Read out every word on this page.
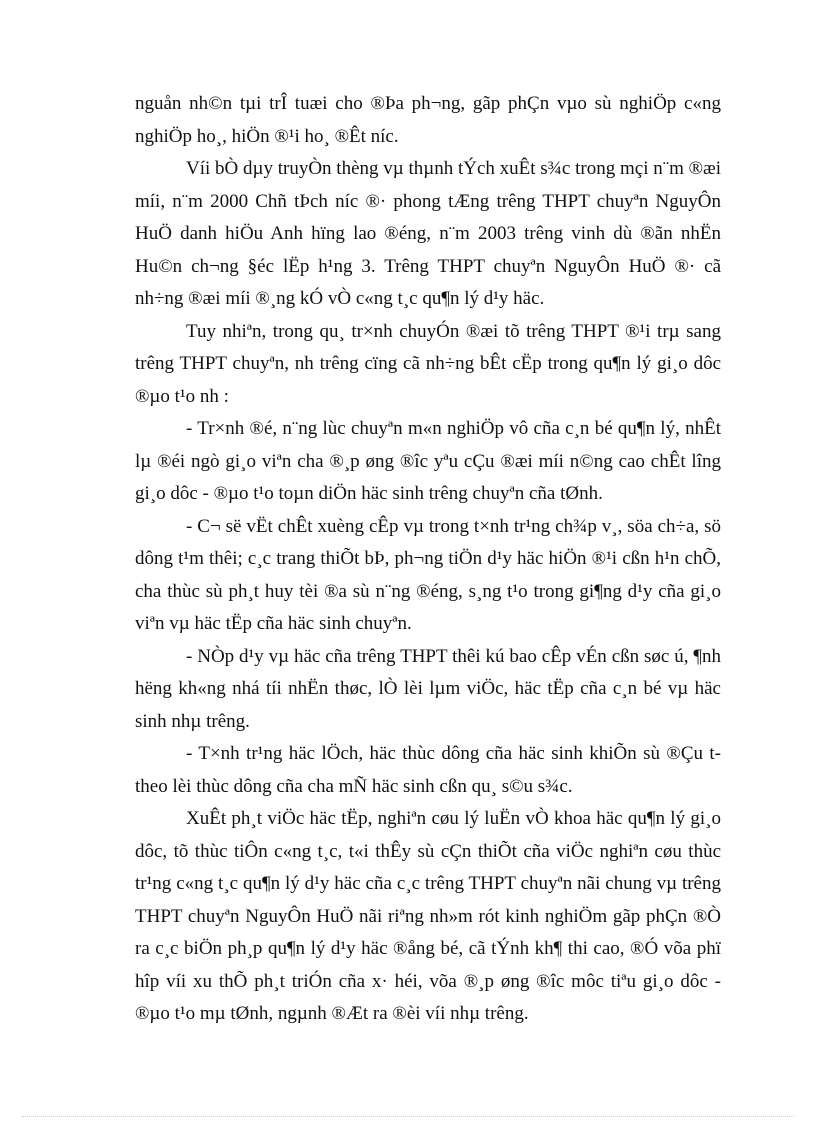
nguån nh©n tµi trÎ tuæi cho ®Þa ph¬ng, gãp phÇn vµo sù nghiÖp c«ng nghiÖp ho¸, hiÖn ®¹i ho¸ ®Êt níc.

Víi bÒ dµy truyÒn thèng vµ thµnh tÝch xuÊt s¾c trong mçi n¨m ®æi míi, n¨m 2000 Chñ tÞch níc ®· phong tÆng trêng THPT chuyªn NguyÔn HuÖ danh hiÖu Anh hïng lao ®éng, n¨m 2003 trêng vinh dù ®ãn nhËn Hu©n ch¬ng §éc lËp h¹ng 3. Trêng THPT chuyªn NguyÔn HuÖ ®· cã nh÷ng ®æi míi ®¸ng kÓ vÒ c«ng t¸c qu¶n lý d¹y häc.

Tuy nhiªn, trong qu¸ tr×nh chuyÓn ®æi tõ trêng THPT ®¹i trµ sang trêng THPT chuyªn, nh trêng cïng cã nh÷ng bÊt cËp trong qu¶n lý gi¸o dôc ®µo t¹o nh :

- Tr×nh ®é, n¨ng lùc chuyªn m«n nghiÖp vô cña c¸n bé qu¶n lý, nhÊt lµ ®éi ngò gi¸o viªn cha ®¸p øng ®îc yªu cÇu ®æi míi n©ng cao chÊt lîng gi¸o dôc - ®µo t¹o toµn diÖn häc sinh trêng chuyªn cña tØnh.

- C¬ së vËt chÊt xuèng cÊp vµ trong t×nh tr¹ng ch¾p v¸, söa ch÷a, sö dông t¹m thêi; c¸c trang thiÕt bÞ, ph¬ng tiÖn d¹y häc hiÖn ®¹i cßn h¹n chÕ, cha thùc sù ph¸t huy tèi ®a sù n¨ng ®éng, s¸ng t¹o trong gi¶ng d¹y cña gi¸o viªn vµ häc tËp cña häc sinh chuyªn.

- NÒp d¹y vµ häc cña trêng THPT thêi kú bao cÊp vÉn cßn søc ú, ¶nh hëng kh«ng nhá tíi nhËn thøc, lÒ lèi lµm viÖc, häc tËp cña c¸n bé vµ häc sinh nhµ trêng.

- T×nh tr¹ng häc lÖch, häc thùc dông cña häc sinh khiÕn sù ®Çu t theo lèi thùc dông cña cha mÑ häc sinh cßn qu¸ s©u s¾c.

XuÊt ph¸t viÖc häc tËp, nghiªn cøu lý luËn vÒ khoa häc qu¶n lý gi¸o dôc, tõ thùc tiÔn c«ng t¸c, t«i thÊy sù cÇn thiÕt cña viÖc nghiªn cøu thùc tr¹ng c«ng t¸c qu¶n lý d¹y häc cña c¸c trêng THPT chuyªn nãi chung vµ trêng THPT chuyªn NguyÔn HuÖ nãi riªng nh»m rót kinh nghiÖm gãp phÇn ®Ò ra c¸c biÖn ph¸p qu¶n lý d¹y häc ®ång bé, cã tÝnh kh¶ thi cao, ®Ó võa phï hîp víi xu thÕ ph¸t triÓn cña x· héi, võa ®¸p øng ®îc môc tiªu gi¸o dôc - ®µo t¹o mµ tØnh, ngµnh ®Æt ra ®èi víi nhµ trêng.
